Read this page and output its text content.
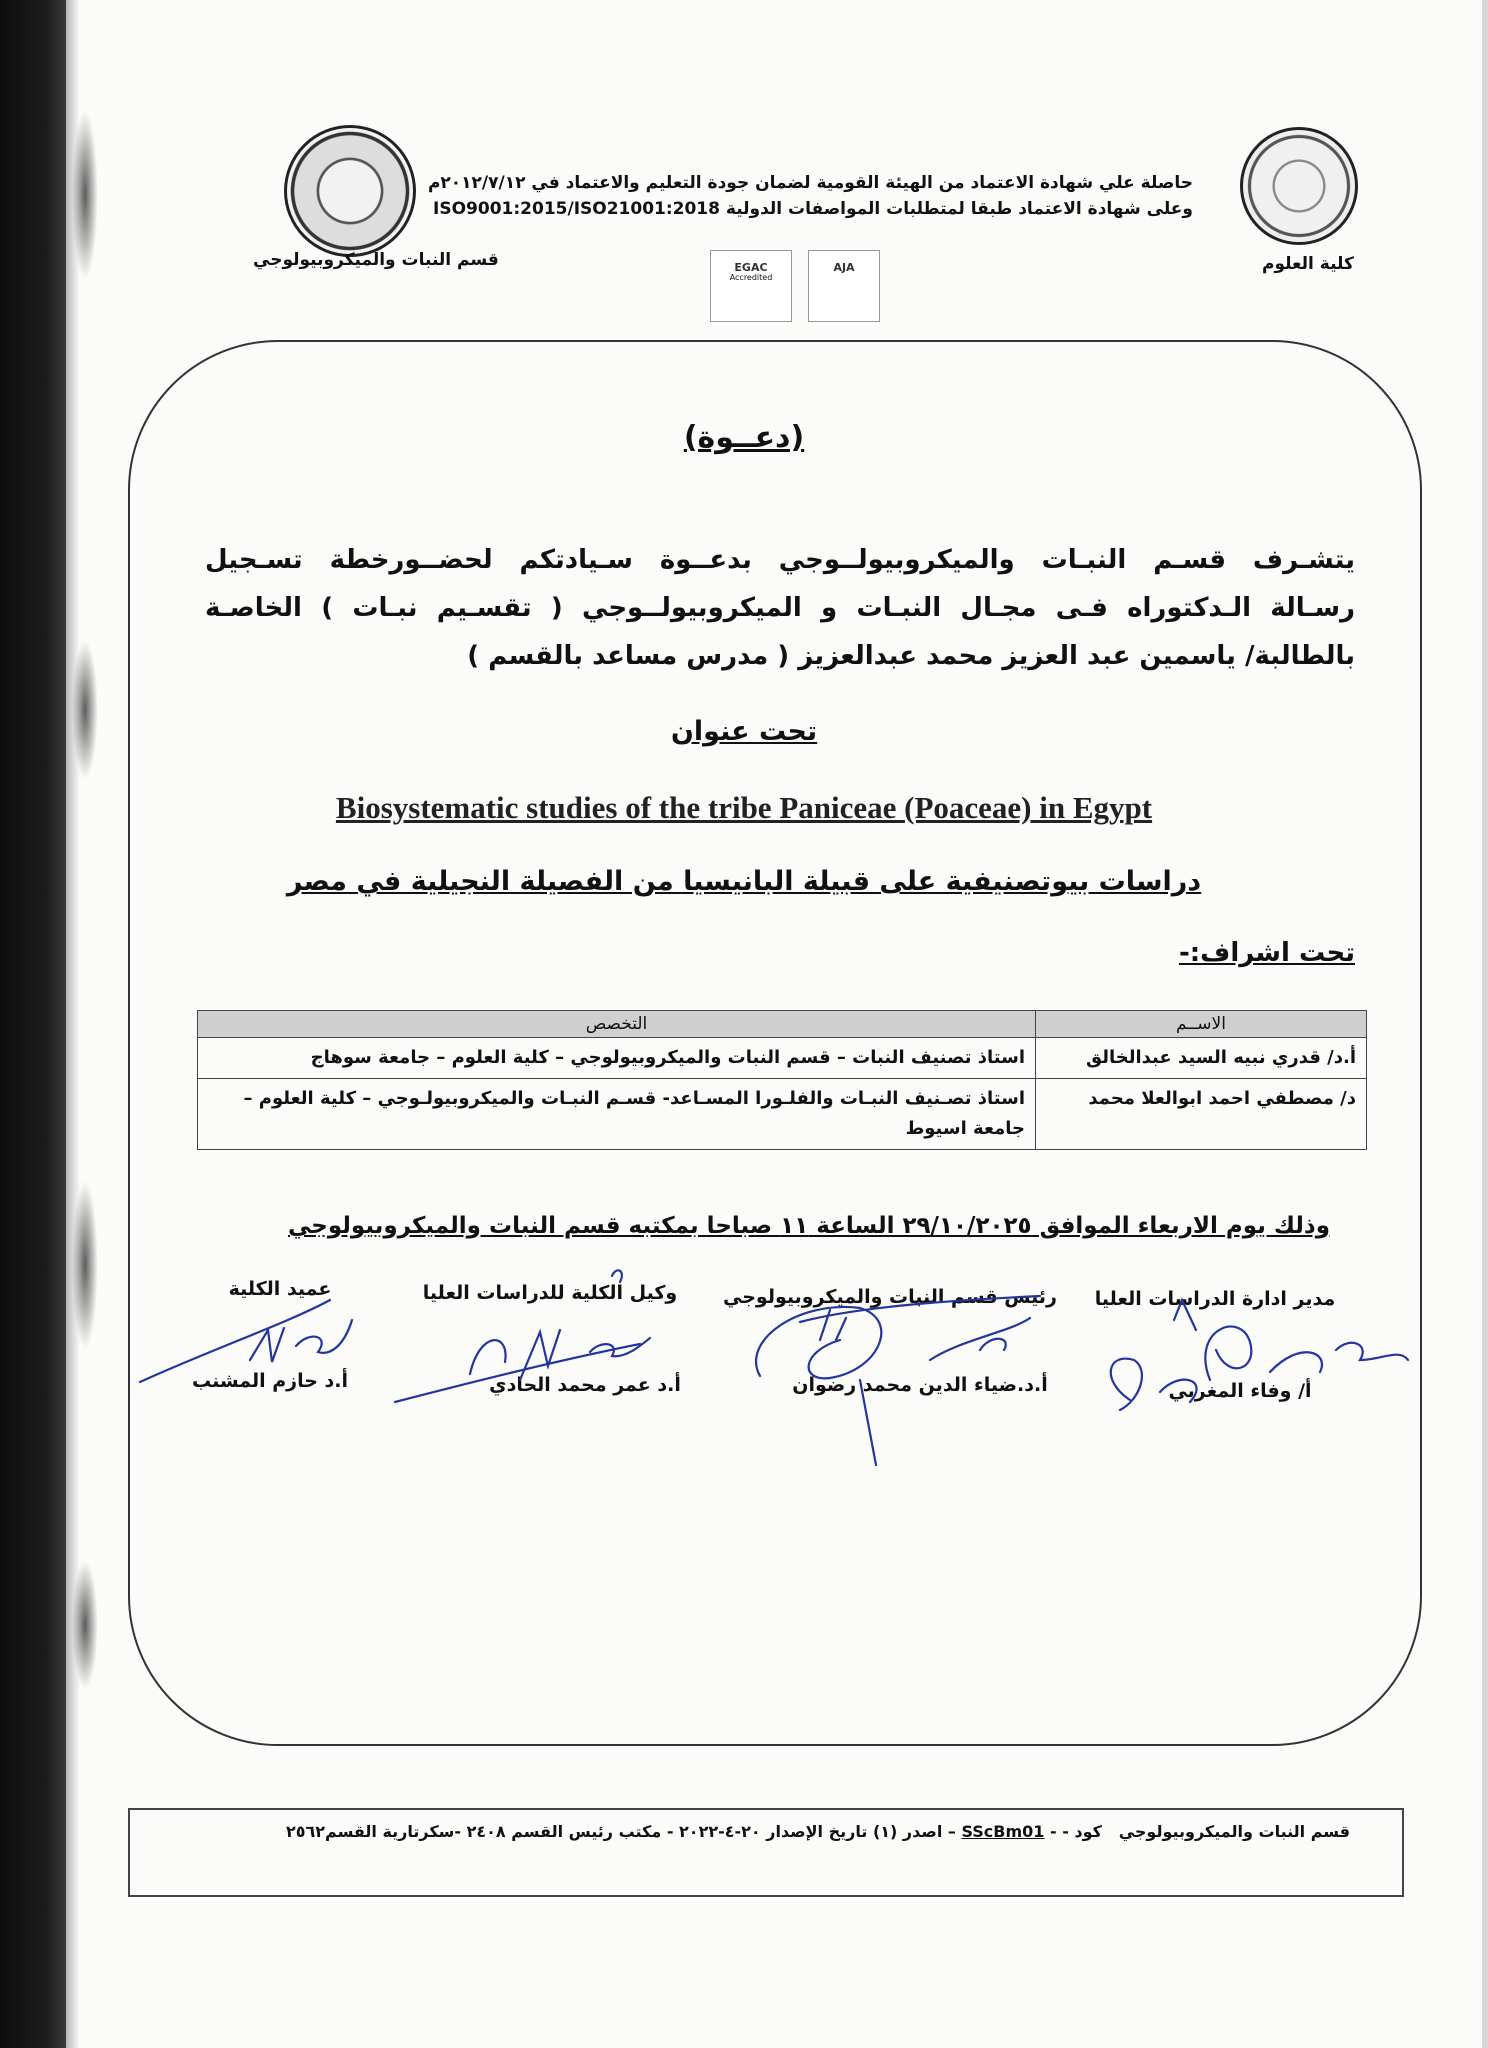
كلية العلوم
حاصلة علي شهادة الاعتماد من الهيئة القومية لضمان جودة التعليم والاعتماد في ٢٠١٢/٧/١٢م
وعلى شهادة الاعتماد طبقا لمتطلبات المواصفات الدولية ISO9001:2015/ISO21001:2018
قسم النبات والميكروبيولوجي	EGAC
Accredited
AJA
(دعــوة)
يتشـرف قسـم النبـات والميكروبيولــوجي بدعــوة سـيادتكم لحضــورخطة تسـجيل
رسـالة الـدكتوراه فـى مجـال النبـات و الميكروبيولــوجي ( تقسـيم نبـات ) الخاصـة
بالطالبة/ ياسمين عبد العزيز محمد عبدالعزيز ( مدرس مساعد بالقسم )
تحت عنوان
Biosystematic studies of the tribe Paniceae (Poaceae) in Egypt
دراسات بيوتصنيفية على قبيلة البانيسيا من الفصيلة النجيلية في مصر
تحت اشراف:-
الاســم	التخصص
أ.د/ قدري نبيه السيد عبدالخالق	استاذ تصنيف النبات – قسم النبات والميكروبيولوجي – كلية العلوم – جامعة سوهاج
د/ مصطفي احمد ابوالعلا محمد	استاذ تصـنيف النبـات والفلـورا المسـاعد- قسـم النبـات والميكروبيولـوجي – كلية العلوم – جامعة اسيوط
وذلك يوم الاربعاء الموافق ٢٩/١٠/٢٠٢٥ الساعة ١١ صباحا بمكتبه قسم النبات والميكروبيولوجي
مدير ادارة الدراسات العليا
رئيس قسم النبات والميكروبيولوجي
وكيل الكلية للدراسات العليا
عميد الكلية
أ/ وفاء المغربي
أ.د.ضياء الدين محمد رضوان
أ.د عمر محمد الحادي
أ.د حازم المشنب
قسم النبات والميكروبيولوجي   كود - - SScBm01 – اصدر (١) تاريخ الإصدار ٢٠-٤-٢٠٢٢ - مكتب رئيس القسم ٢٤٠٨ -سكرتارية القسم٢٥٦٢
